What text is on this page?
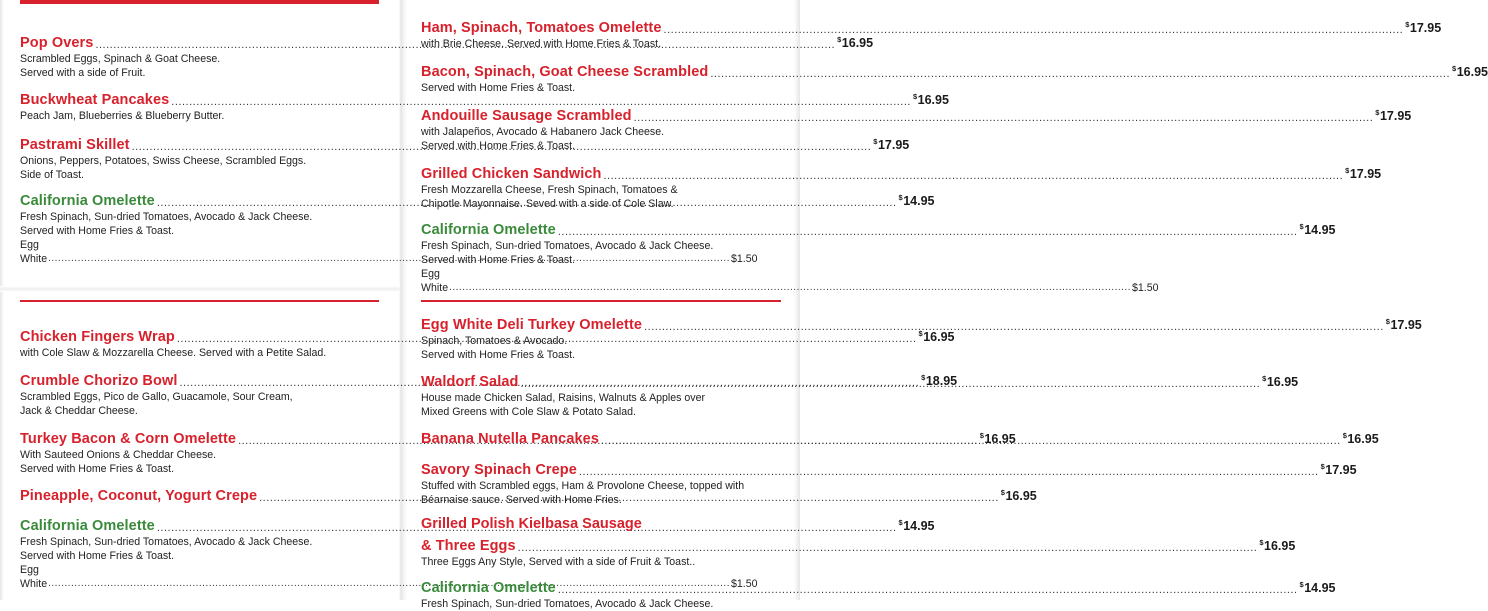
Pop Overs .....	$16.95
Scrambled Eggs, Spinach & Goat Cheese.
Served with a side of Fruit.
Buckwheat Pancakes .....	$16.95
Peach Jam, Blueberries & Blueberry Butter.
Pastrami Skillet .....	$17.95
Onions, Peppers, Potatoes, Swiss Cheese, Scrambled Eggs.
Side of Toast.
California Omelette .....	$14.95
Fresh Spinach, Sun-dried Tomatoes, Avocado & Jack Cheese.
Served with Home Fries & Toast.
Egg White .....	$1.50
Chicken Fingers Wrap .....	$16.95
with Cole Slaw & Mozzarella Cheese. Served with a Petite Salad.
Crumble Chorizo Bowl .....	$18.95
Scrambled Eggs, Pico de Gallo, Guacamole, Sour Cream,
Jack & Cheddar Cheese.
Turkey Bacon & Corn Omelette .....	$16.95
With Sauteed Onions & Cheddar Cheese.
Served with Home Fries & Toast.
Pineapple, Coconut, Yogurt Crepe .....	$16.95
California Omelette .....	$14.95
Fresh Spinach, Sun-dried Tomatoes, Avocado & Jack Cheese.
Served with Home Fries & Toast.
Egg White .....	$1.50
Ham, Spinach, Tomatoes Omelette .....	$17.95
with Brie Cheese. Served with Home Fries & Toast.
Bacon, Spinach, Goat Cheese Scrambled .....	$16.95
Served with Home Fries & Toast.
Andouille Sausage Scrambled .....	$17.95
with Jalapeños, Avocado & Habanero Jack Cheese.
Served with Home Fries & Toast.
Grilled Chicken Sandwich .....	$17.95
Fresh Mozzarella Cheese, Fresh Spinach, Tomatoes &
Chipotle Mayonnaise. Seved with a side of Cole Slaw.
California Omelette .....	$14.95
Fresh Spinach, Sun-dried Tomatoes, Avocado & Jack Cheese.
Served with Home Fries & Toast.
Egg White .....	$1.50
Egg White Deli Turkey Omelette .....	$17.95
Spinach, Tomatoes & Avocado.
Served with Home Fries & Toast.
Waldorf Salad .....	$16.95
House made Chicken Salad, Raisins, Walnuts & Apples over
Mixed Greens with Cole Slaw & Potato Salad.
Banana Nutella Pancakes .....	$16.95
Savory Spinach Crepe .....	$17.95
Stuffed with Scrambled eggs, Ham & Provolone Cheese, topped with
Béarnaise sauce. Served with Home Fries.
Grilled Polish Kielbasa Sausage
& Three Eggs .....	$16.95
Three Eggs Any Style, Served with a side of Fruit & Toast..
California Omelette .....	$14.95
Fresh Spinach, Sun-dried Tomatoes, Avocado & Jack Cheese.
